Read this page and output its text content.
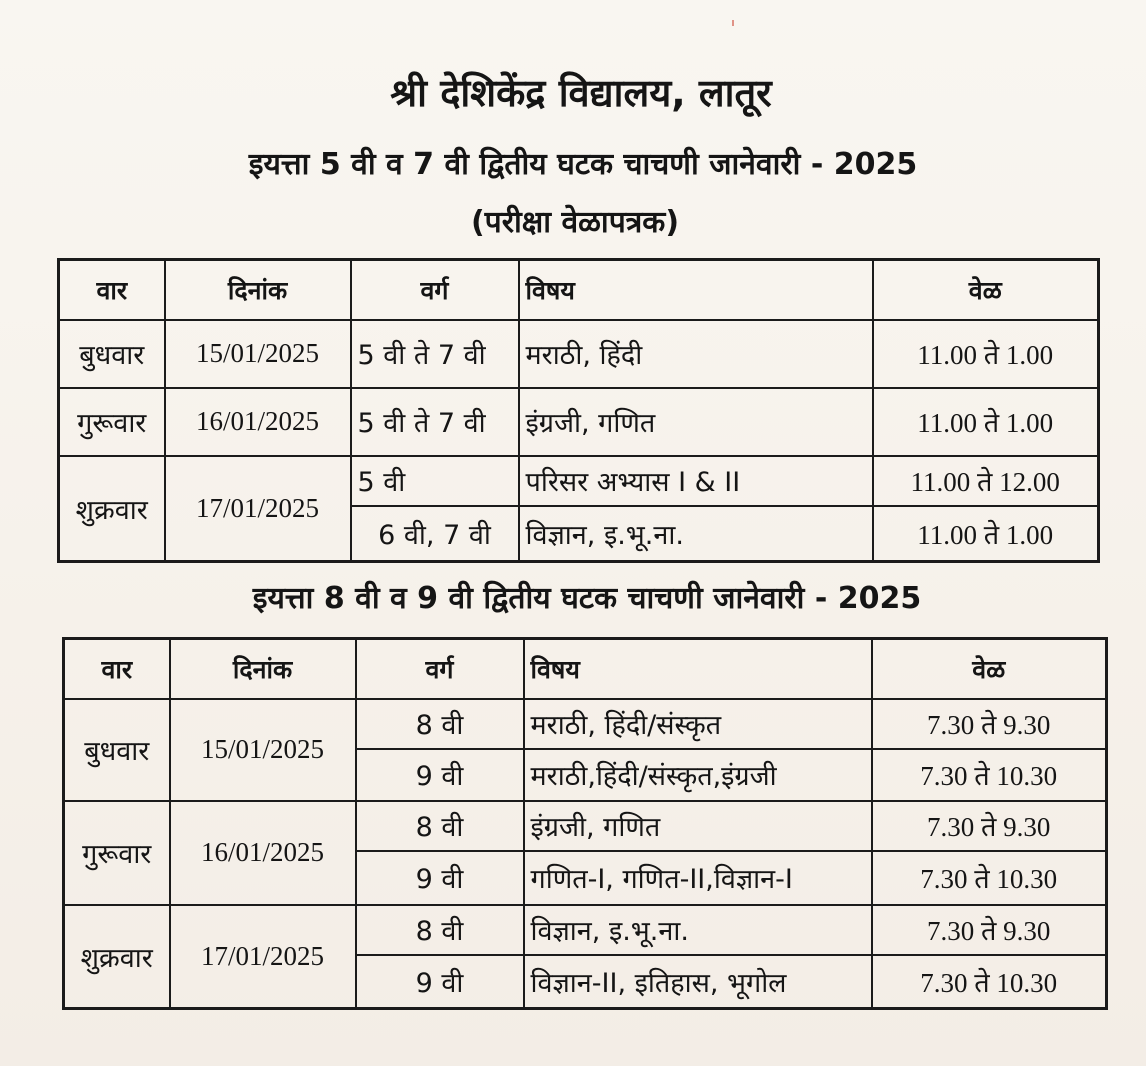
श्री देशिकेंद्र विद्यालय, लातूर
इयत्ता 5 वी व 7 वी द्वितीय घटक चाचणी जानेवारी - 2025
(परीक्षा वेळापत्रक)
वार	दिनांक	वर्ग	विषय	वेळ
बुधवार	15/01/2025	5 वी ते 7 वी	मराठी, हिंदी	11.00 ते 1.00
गुरूवार	16/01/2025	5 वी ते 7 वी	इंग्रजी, गणित	11.00 ते 1.00
शुक्रवार	17/01/2025	5 वी	परिसर अभ्यास I & II	11.00 ते 12.00
		6 वी, 7 वी	विज्ञान, इ.भू.ना.	11.00 ते 1.00
इयत्ता 8 वी व 9 वी द्वितीय घटक चाचणी जानेवारी - 2025
वार	दिनांक	वर्ग	विषय	वेळ
बुधवार	15/01/2025	8 वी	मराठी, हिंदी/संस्कृत	7.30 ते 9.30
		9 वी	मराठी,हिंदी/संस्कृत,इंग्रजी	7.30 ते 10.30
गुरूवार	16/01/2025	8 वी	इंग्रजी, गणित	7.30 ते 9.30
		9 वी	गणित-I, गणित-II,विज्ञान-I	7.30 ते 10.30
शुक्रवार	17/01/2025	8 वी	विज्ञान, इ.भू.ना.	7.30 ते 9.30
		9 वी	विज्ञान-II, इतिहास, भूगोल	7.30 ते 10.30
